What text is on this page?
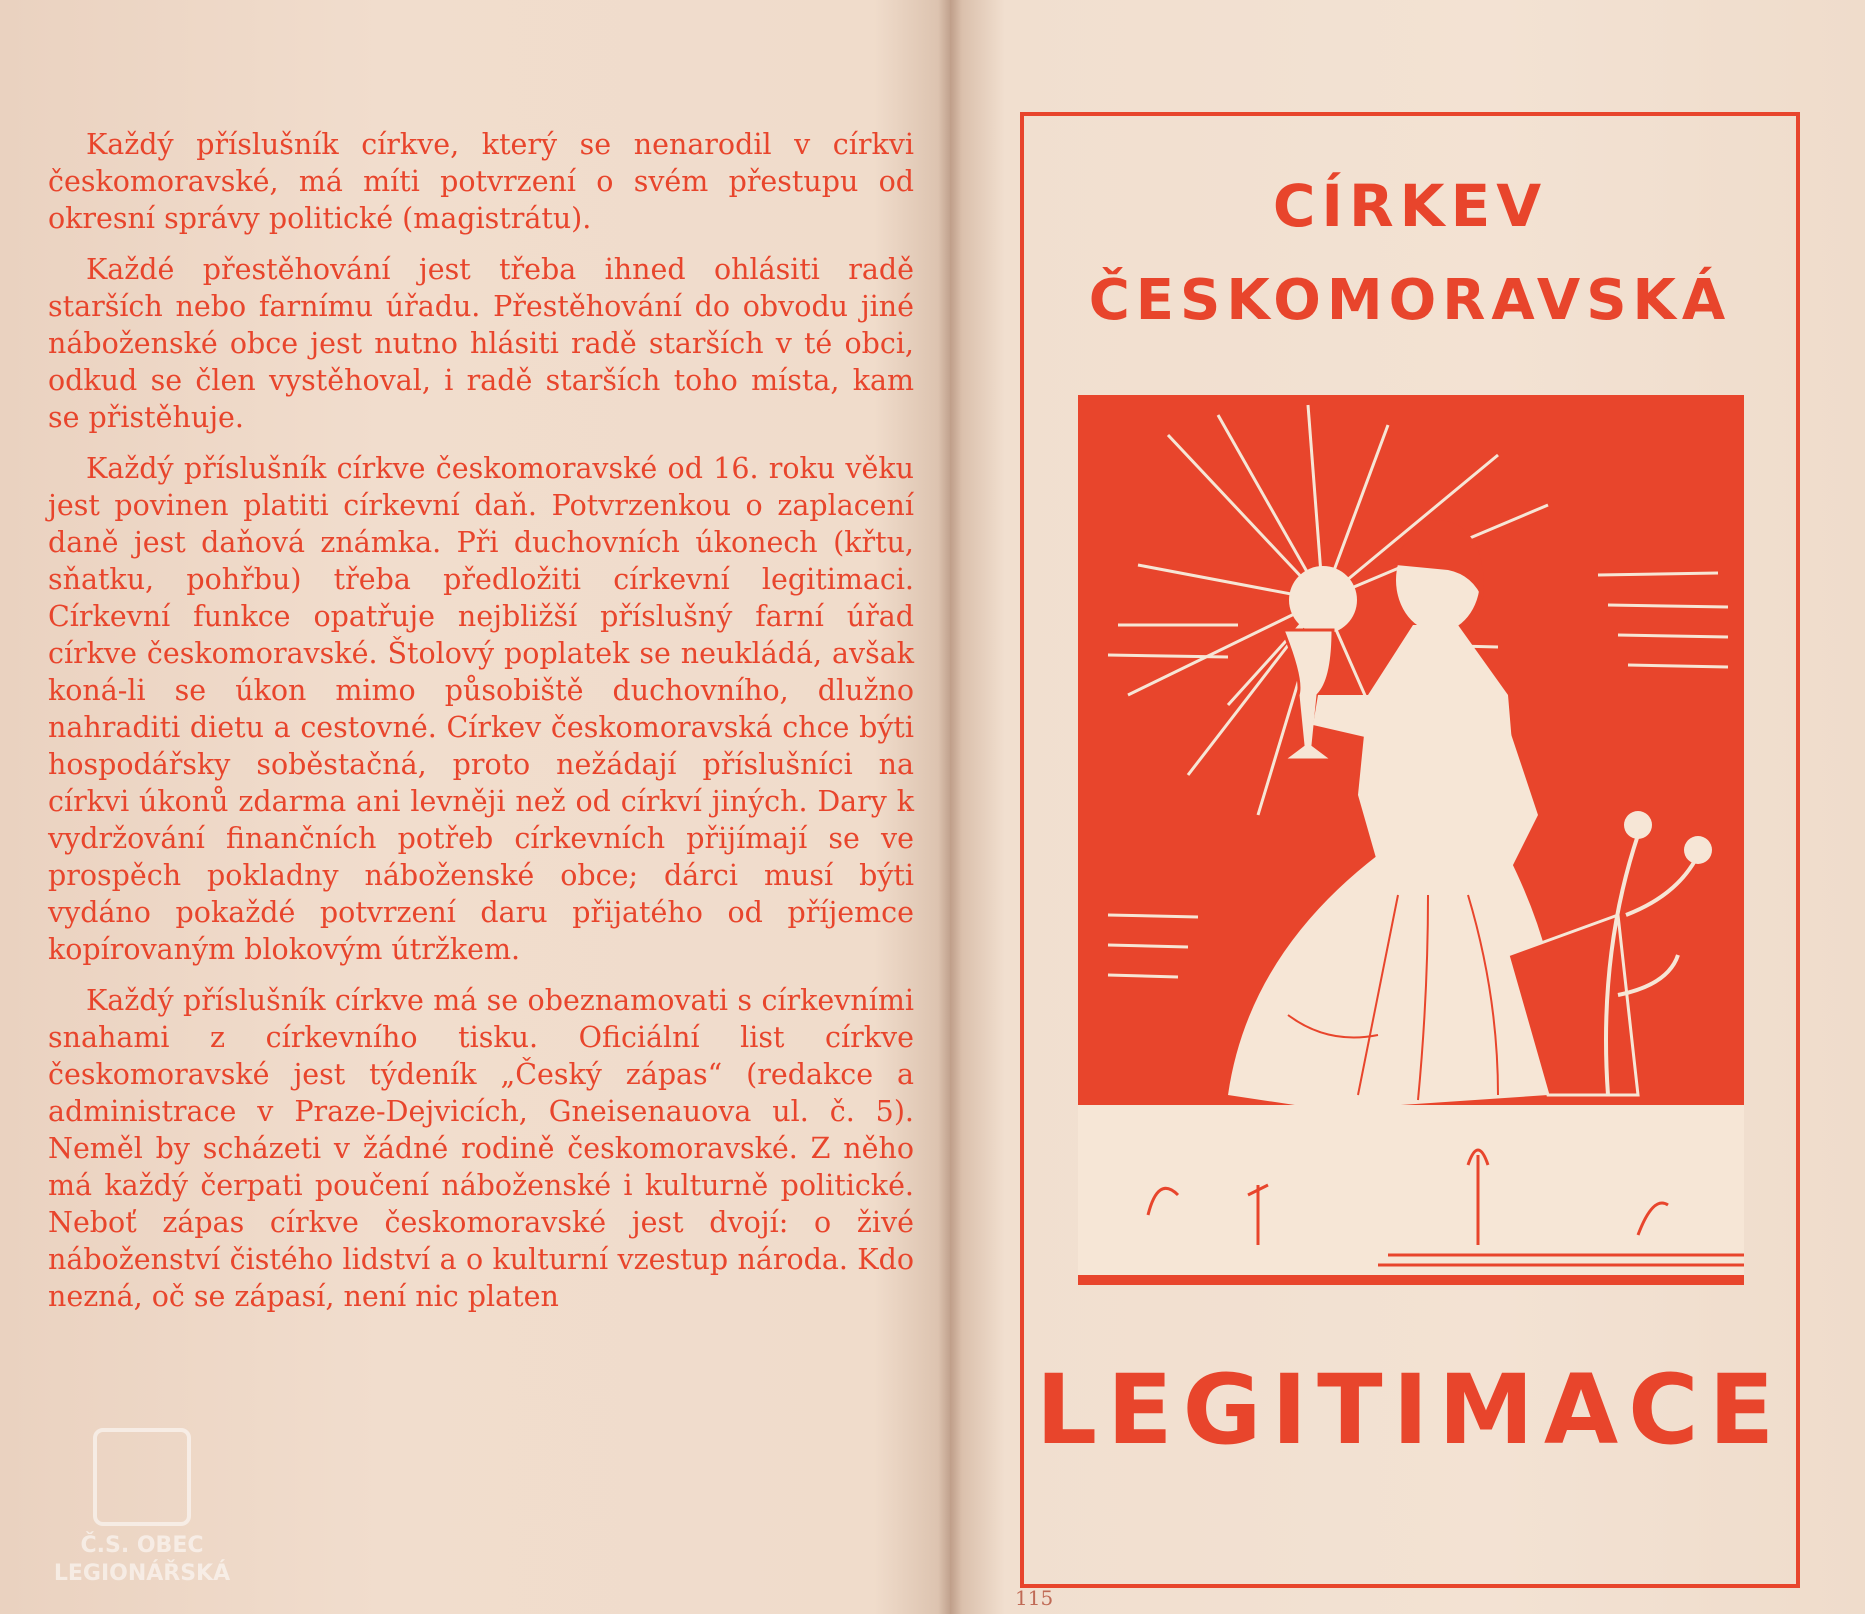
Každý příslušník církve, který se nenarodil v církvi českomoravské, má míti potvrzení o svém přestupu od okresní správy politické (magistrátu).

Každé přestěhování jest třeba ihned ohlásiti radě starších nebo farnímu úřadu. Přestěhování do obvodu jiné náboženské obce jest nutno hlásiti radě starších v té obci, odkud se člen vystěhoval, i radě starších toho místa, kam se přistěhuje.

Každý příslušník církve českomoravské od 16. roku věku jest povinen platiti církevní daň. Potvrzenkou o zaplacení daně jest daňová známka. Při duchovních úkonech (křtu, sňatku, pohřbu) třeba předložiti církevní legitimaci. Církevní funkce opatřuje nejbližší příslušný farní úřad církve českomoravské. Štolový poplatek se neukládá, avšak koná-li se úkon mimo působiště duchovního, dlužno nahraditi dietu a cestovné. Církev českomoravská chce býti hospodářsky soběstačná, proto nežádají příslušníci na církvi úkonů zdarma ani levněji než od církví jiných. Dary k vydržování finančních potřeb církevních přijímají se ve prospěch pokladny náboženské obce; dárci musí býti vydáno pokaždé potvrzení daru přijatého od příjemce kopírovaným blokovým útržkem.

Každý příslušník církve má se obeznamovati s církevními snahami z církevního tisku. Oficiální list církve českomoravské jest týdeník „Český zápas“ (redakce a administrace v Praze-Dejvicích, Gneisenauova ul. č. 5). Neměl by scházeti v žádné rodině českomoravské. Z něho má každý čerpati poučení náboženské i kulturně politické. Neboť zápas církve českomoravské jest dvojí: o živé náboženství čistého lidství a o kulturní vzestup národa. Kdo nezná, oč se zápasí, není nic platen

Č.S. OBEC
LEGIONÁŘSKÁ
CÍRKEV
ČESKOMORAVSKÁ
LEGITIMACE
115
